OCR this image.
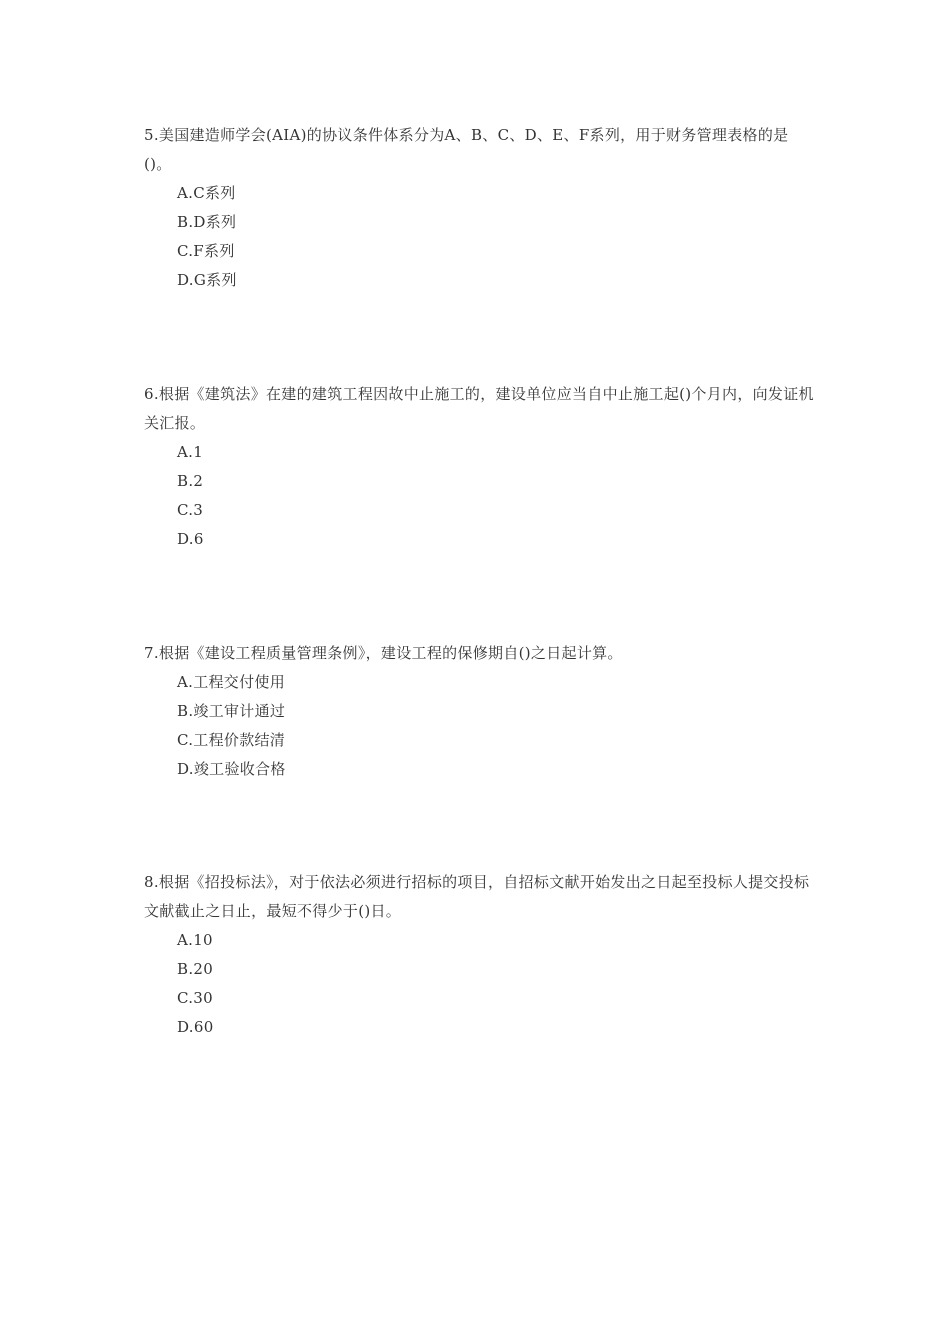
5.美国建造师学会(AIA)的协议条件体系分为A、B、C、D、E、F系列，用于财务管理表格的是()。

A.C系列
B.D系列
C.F系列
D.G系列

6.根据《建筑法》在建的建筑工程因故中止施工的，建设单位应当自中止施工起()个月内，向发证机关汇报。

A.1
B.2
C.3
D.6

7.根据《建设工程质量管理条例》，建设工程的保修期自()之日起计算。

A.工程交付使用
B.竣工审计通过
C.工程价款结清
D.竣工验收合格

8.根据《招投标法》，对于依法必须进行招标的项目，自招标文献开始发出之日起至投标人提交投标文献截止之日止，最短不得少于()日。

A.10
B.20
C.30
D.60
